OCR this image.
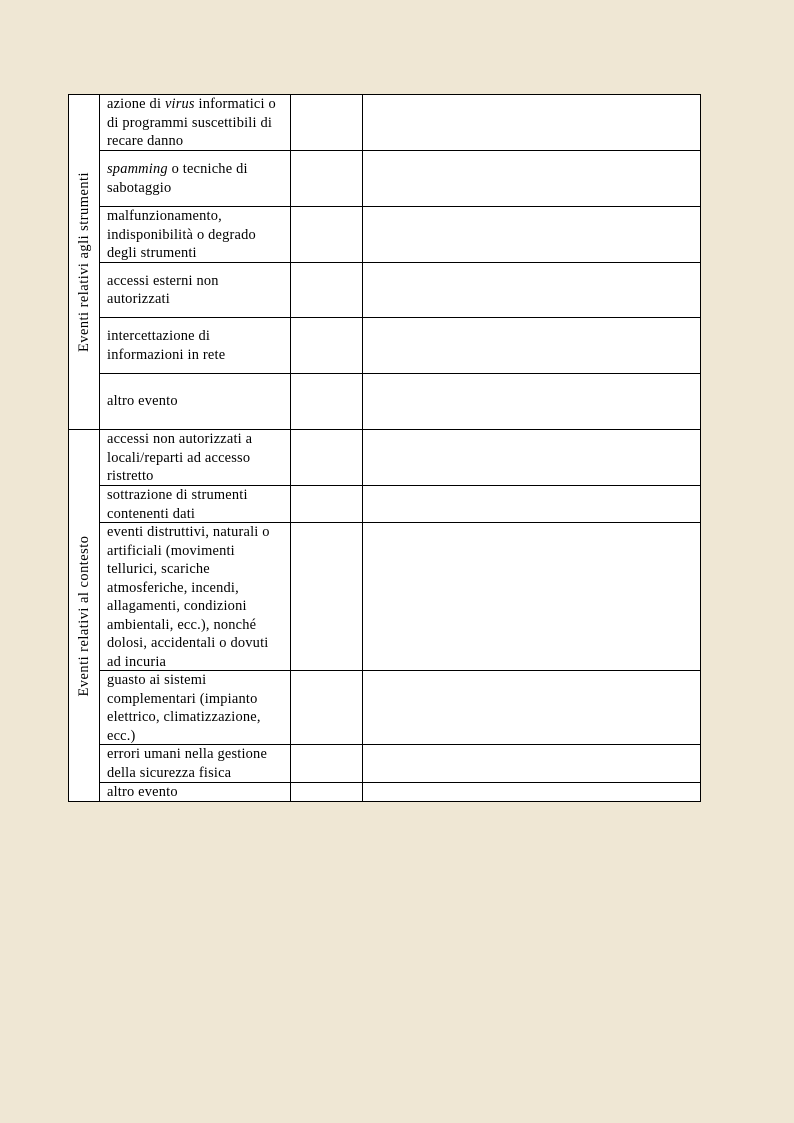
Eventi relativi agli strumenti	azione di virus informatici o di programmi suscettibili di recare danno		

	spamming o tecniche di sabotaggio		

	malfunzionamento, indisponibilità o degrado degli strumenti		

	accessi esterni non autorizzati		

	intercettazione di informazioni in rete		

	altro evento		

Eventi relativi al contesto	accessi non autorizzati a locali/reparti ad accesso ristretto		

	sottrazione di strumenti contenenti dati		

	eventi distruttivi, naturali o artificiali (movimenti tellurici, scariche atmosferiche, incendi, allagamenti, condizioni ambientali, ecc.), nonché dolosi, accidentali o dovuti ad incuria		

	guasto ai sistemi complementari (impianto elettrico, climatizzazione, ecc.)		

	errori umani nella gestione della sicurezza fisica		

	altro evento		
